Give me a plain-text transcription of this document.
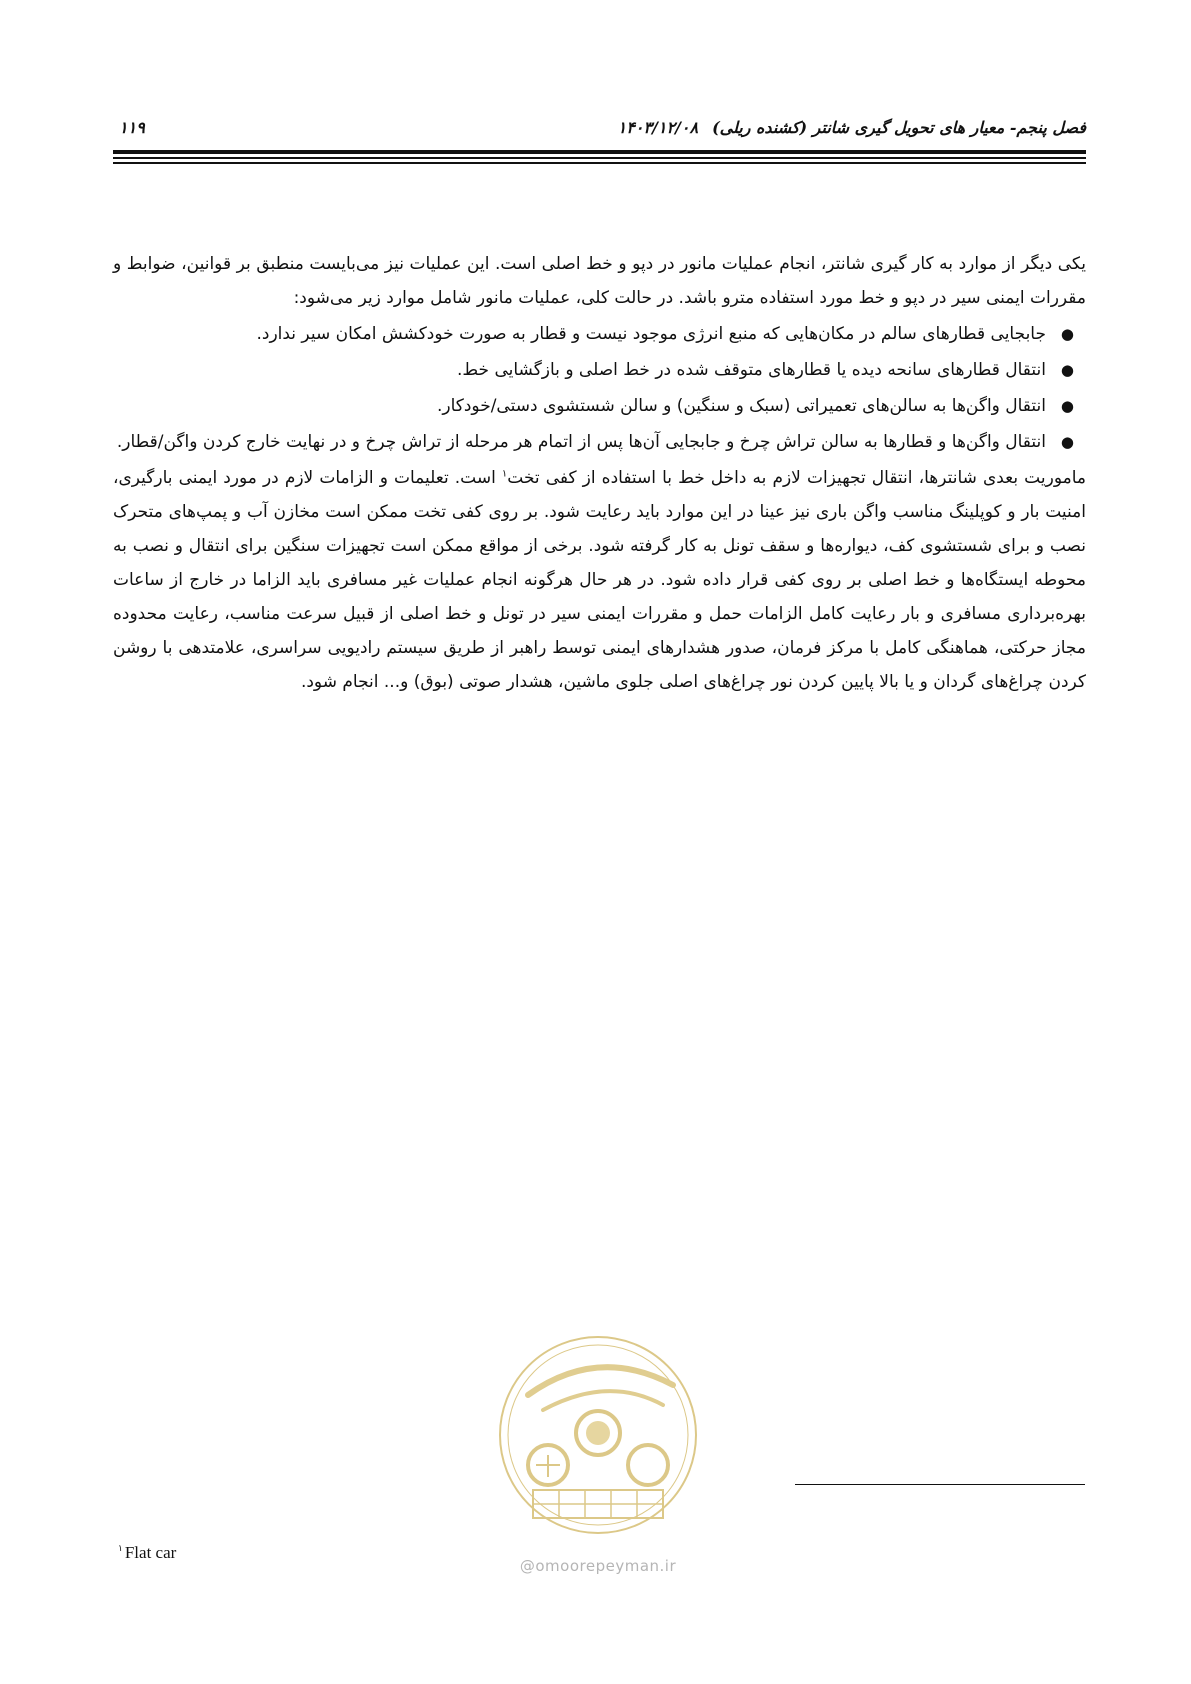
فصل پنجم- معیار های تحویل گیری شانتر (کشنده ریلی)۱۴۰۳/۱۲/۰۸
۱۱۹

یکی دیگر از موارد به کار گیری شانتر، انجام عملیات مانور در دپو و خط اصلی است. این عملیات نیز می‌بایست منطبق بر قوانین، ضوابط و مقررات ایمنی سیر در دپو و خط مورد استفاده مترو باشد. در حالت کلی، عملیات مانور شامل موارد زیر می‌شود:

●
جابجایی قطارهای سالم در مکان‌هایی که منبع انرژی موجود نیست و قطار به صورت خودکشش امکان سیر ندارد.
●
انتقال قطارهای سانحه دیده یا قطارهای متوقف شده در خط اصلی و بازگشایی خط.
●
انتقال واگن‌ها به سالن‌های تعمیراتی (سبک و سنگین) و سالن شستشوی دستی/خودکار.
●
انتقال واگن‌ها و قطارها به سالن تراش چرخ و جابجایی آن‌ها پس از اتمام هر مرحله از تراش چرخ و در نهایت خارج کردن واگن/قطار.

ماموریت بعدی شانترها، انتقال تجهیزات لازم به داخل خط با استفاده از کفی تخت$^۱$ است. تعلیمات و الزامات لازم در مورد ایمنی بارگیری، امنیت بار و کوپلینگ مناسب واگن باری نیز عینا در این موارد باید رعایت شود. بر روی کفی تخت ممکن است مخازن آب و پمپ‌های متحرک نصب و برای شستشوی کف، دیواره‌ها و سقف تونل به کار گرفته شود. برخی از مواقع ممکن است تجهیزات سنگین برای انتقال و نصب به محوطه ایستگاه‌ها و خط اصلی بر روی کفی قرار داده شود. در هر حال هرگونه انجام عملیات غیر مسافری باید الزاما در خارج از ساعات بهره‌برداری مسافری و بار رعایت کامل الزامات حمل و مقررات ایمنی سیر در تونل و خط اصلی از قبیل سرعت مناسب، رعایت محدوده مجاز حرکتی، هماهنگی کامل با مرکز فرمان، صدور هشدارهای ایمنی توسط راهبر از طریق سیستم رادیویی سراسری، علامتدهی با روشن کردن چراغ‌های گردان و یا بالا پایین کردن نور چراغ‌های اصلی جلوی ماشین، هشدار صوتی (بوق) و... انجام شود.

@omoorepeyman.ir
$^۱$ Flat car
